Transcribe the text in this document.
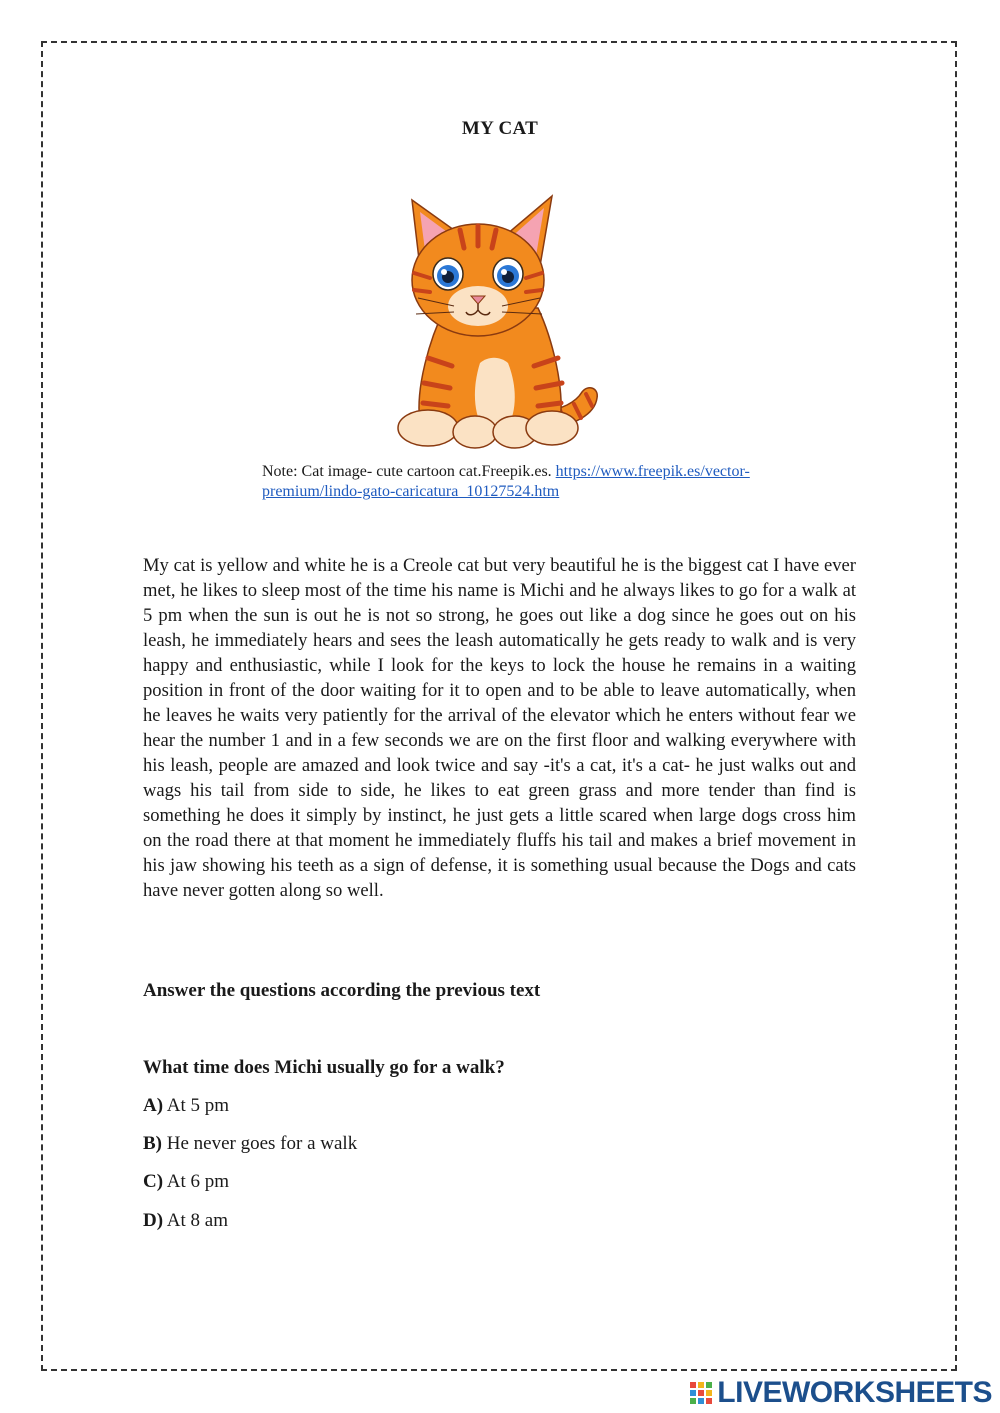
MY CAT
Note: Cat image- cute cartoon cat.Freepik.es. https://www.freepik.es/vector-
premium/lindo-gato-caricatura_10127524.htm

My cat is yellow and white he is a Creole cat but very beautiful he is the biggest cat I have ever met, he likes to sleep most of the time his name is Michi and he always likes to go for a walk at 5 pm when the sun is out he is not so strong, he goes out like a dog since he goes out on his leash, he immediately hears and sees the leash automatically he gets ready to walk and is very happy and enthusiastic, while I look for the keys to lock the house he remains in a waiting position in front of the door waiting for it to open and to be able to leave automatically, when he leaves he waits very patiently for the arrival of the elevator which he enters without fear we hear the number 1 and in a few seconds we are on the first floor and walking everywhere with his leash, people are amazed and look twice and say -it's a cat, it's a cat- he just walks out and wags his tail from side to side, he likes to eat green grass and more tender than find is something he does it simply by instinct, he just gets a little scared when large dogs cross him on the road there at that moment he immediately fluffs his tail and makes a brief movement in his jaw showing his teeth as a sign of defense, it is something usual because the Dogs and cats have never gotten along so well.

Answer the questions according the previous text

What time does Michi usually go for a walk?

A) At 5 pm

B) He never goes for a walk

C) At 6 pm

D) At 8 am

LIVEWORKSHEETS
